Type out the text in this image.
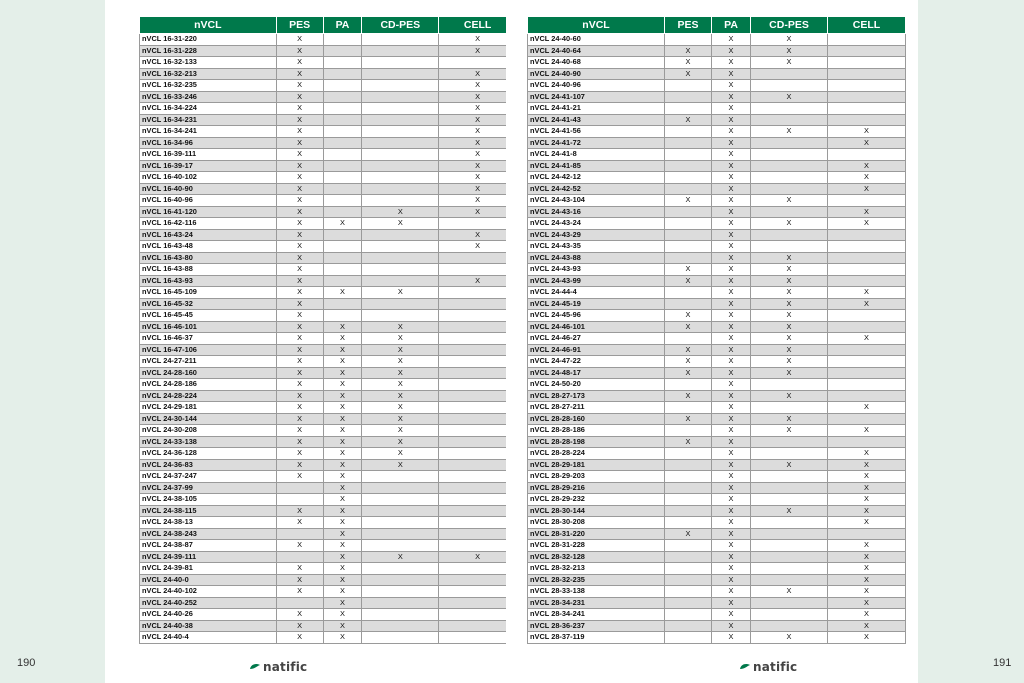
nVCL	PES	PA	CD-PES	CELL
nVCL 16-31-220	X			X
nVCL 16-31-228	X			X
nVCL 16-32-133	X			
nVCL 16-32-213	X			X
nVCL 16-32-235	X			X
nVCL 16-33-246	X			X
nVCL 16-34-224	X			X
nVCL 16-34-231	X			X
nVCL 16-34-241	X			X
nVCL 16-34-96	X			X
nVCL 16-39-111	X			X
nVCL 16-39-17	X			X
nVCL 16-40-102	X			X
nVCL 16-40-90	X			X
nVCL 16-40-96	X			X
nVCL 16-41-120	X		X	X
nVCL 16-42-116	X	X	X	
nVCL 16-43-24	X			X
nVCL 16-43-48	X			X
nVCL 16-43-80	X			
nVCL 16-43-88	X			
nVCL 16-43-93	X			X
nVCL 16-45-109	X	X	X	
nVCL 16-45-32	X			
nVCL 16-45-45	X			
nVCL 16-46-101	X	X	X	
nVCL 16-46-37	X	X	X	
nVCL 16-47-106	X	X	X	
nVCL 24-27-211	X	X	X	
nVCL 24-28-160	X	X	X	
nVCL 24-28-186	X	X	X	
nVCL 24-28-224	X	X	X	
nVCL 24-29-181	X	X	X	
nVCL 24-30-144	X	X	X	
nVCL 24-30-208	X	X	X	
nVCL 24-33-138	X	X	X	
nVCL 24-36-128	X	X	X	
nVCL 24-36-83	X	X	X	
nVCL 24-37-247	X	X		
nVCL 24-37-99		X		
nVCL 24-38-105		X		
nVCL 24-38-115	X	X		
nVCL 24-38-13	X	X		
nVCL 24-38-243		X		
nVCL 24-38-87	X	X		
nVCL 24-39-111		X	X	X
nVCL 24-39-81	X	X		
nVCL 24-40-0	X	X		
nVCL 24-40-102	X	X		
nVCL 24-40-252		X		
nVCL 24-40-26	X	X		
nVCL 24-40-38	X	X		
nVCL 24-40-4	X	X		
nVCL	PES	PA	CD-PES	CELL
nVCL 24-40-60		X	X	
nVCL 24-40-64	X	X	X	
nVCL 24-40-68	X	X	X	
nVCL 24-40-90	X	X		
nVCL 24-40-96		X		
nVCL 24-41-107		X	X	
nVCL 24-41-21		X		
nVCL 24-41-43	X	X		
nVCL 24-41-56		X	X	X
nVCL 24-41-72		X		X
nVCL 24-41-8		X		
nVCL 24-41-85		X		X
nVCL 24-42-12		X		X
nVCL 24-42-52		X		X
nVCL 24-43-104	X	X	X	
nVCL 24-43-16		X		X
nVCL 24-43-24		X	X	X
nVCL 24-43-29		X		
nVCL 24-43-35		X		
nVCL 24-43-88		X	X	
nVCL 24-43-93	X	X	X	
nVCL 24-43-99	X	X	X	
nVCL 24-44-4		X	X	X
nVCL 24-45-19		X	X	X
nVCL 24-45-96	X	X	X	
nVCL 24-46-101	X	X	X	
nVCL 24-46-27		X	X	X
nVCL 24-46-91	X	X	X	
nVCL 24-47-22	X	X	X	
nVCL 24-48-17	X	X	X	
nVCL 24-50-20		X		
nVCL 28-27-173	X	X	X	
nVCL 28-27-211		X		X
nVCL 28-28-160	X	X	X	
nVCL 28-28-186		X	X	X
nVCL 28-28-198	X	X		
nVCL 28-28-224		X		X
nVCL 28-29-181		X	X	X
nVCL 28-29-203		X		X
nVCL 28-29-216		X		X
nVCL 28-29-232		X		X
nVCL 28-30-144		X	X	X
nVCL 28-30-208		X		X
nVCL 28-31-220	X	X		
nVCL 28-31-228		X		X
nVCL 28-32-128		X		X
nVCL 28-32-213		X		X
nVCL 28-32-235		X		X
nVCL 28-33-138		X	X	X
nVCL 28-34-231		X		X
nVCL 28-34-241		X		X
nVCL 28-36-237		X		X
nVCL 28-37-119		X	X	X
190	191
natific	natific
